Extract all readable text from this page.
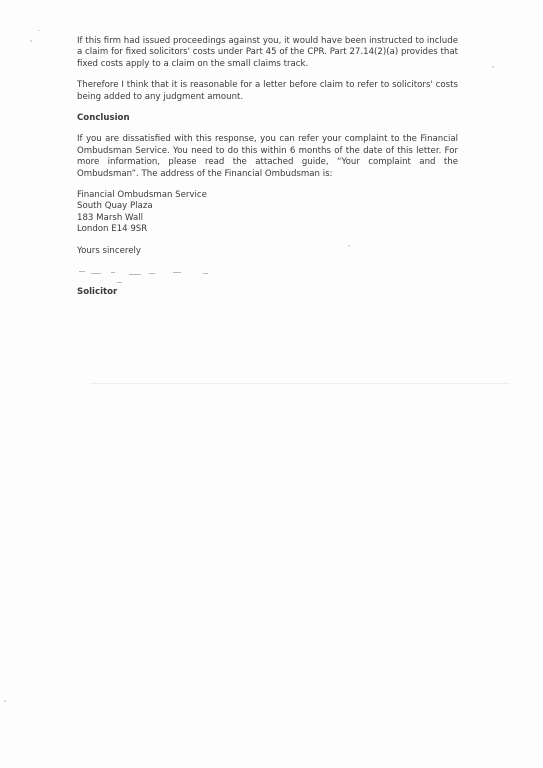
If this firm had issued proceedings against you, it would have been instructed to include a claim for fixed solicitors' costs under Part 45 of the CPR. Part 27.14(2)(a) provides that fixed costs apply to a claim on the small claims track.

Therefore I think that it is reasonable for a letter before claim to refer to solicitors' costs being added to any judgment amount.

Conclusion

If you are dissatisfied with this response, you can refer your complaint to the Financial Ombudsman Service. You need to do this within 6 months of the date of this letter. For more information, please read the attached guide, “Your complaint and the Ombudsman”. The address of the Financial Ombudsman is:

Financial Ombudsman Service
South Quay Plaza
183 Marsh Wall
London E14 9SR
Yours sincerely
Solicitor
